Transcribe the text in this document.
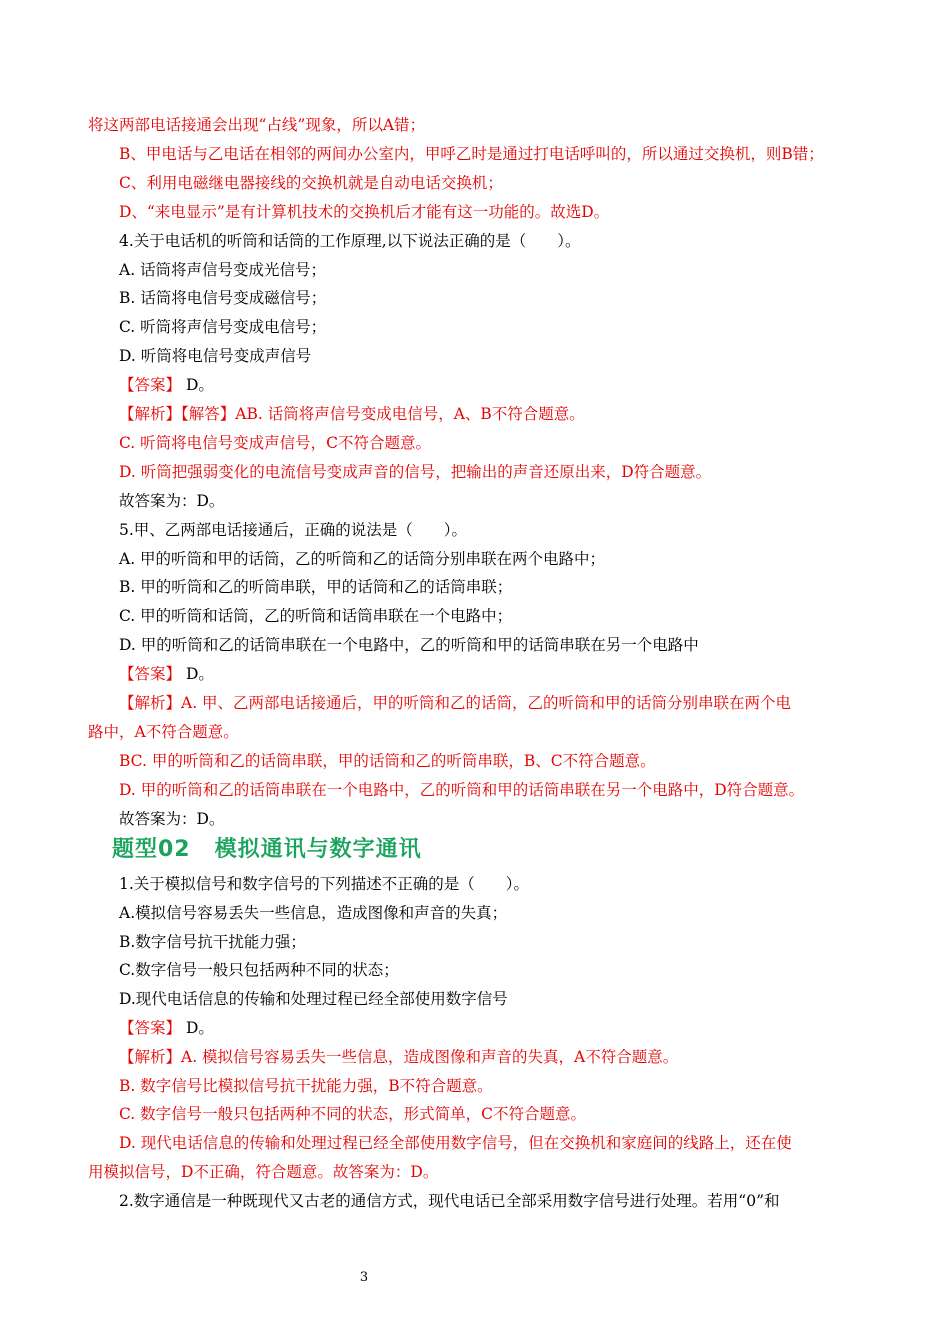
将这两部电话接通会出现“占线”现象，所以A错；
B、甲电话与乙电话在相邻的两间办公室内，甲呼乙时是通过打电话呼叫的，所以通过交换机，则B错；
C、利用电磁继电器接线的交换机就是自动电话交换机；
D、“来电显示”是有计算机技术的交换机后才能有这一功能的。故选D。
4.关于电话机的听筒和话筒的工作原理,以下说法正确的是（　　）。
A. 话筒将声信号变成光信号；
B. 话筒将电信号变成磁信号；
C. 听筒将声信号变成电信号；
D. 听筒将电信号变成声信号
【答案】 D。
【解析】【解答】AB. 话筒将声信号变成电信号，A、B不符合题意。
C. 听筒将电信号变成声信号，C不符合题意。
D. 听筒把强弱变化的电流信号变成声音的信号，把输出的声音还原出来，D符合题意。
故答案为：D。
5.甲、乙两部电话接通后，正确的说法是（　　）。
A. 甲的听筒和甲的话筒，乙的听筒和乙的话筒分别串联在两个电路中；
B. 甲的听筒和乙的听筒串联，甲的话筒和乙的话筒串联；
C. 甲的听筒和话筒，乙的听筒和话筒串联在一个电路中；
D. 甲的听筒和乙的话筒串联在一个电路中，乙的听筒和甲的话筒串联在另一个电路中
【答案】 D。
【解析】A. 甲、乙两部电话接通后，甲的听筒和乙的话筒，乙的听筒和甲的话筒分别串联在两个电
路中，A不符合题意。
BC. 甲的听筒和乙的话筒串联，甲的话筒和乙的听筒串联，B、C不符合题意。
D. 甲的听筒和乙的话筒串联在一个电路中，乙的听筒和甲的话筒串联在另一个电路中，D符合题意。
故答案为：D。
题型02 模拟通讯与数字通讯
1.关于模拟信号和数字信号的下列描述不正确的是（　　）。
A.模拟信号容易丢失一些信息，造成图像和声音的失真；
B.数字信号抗干扰能力强；
C.数字信号一般只包括两种不同的状态；
D.现代电话信息的传输和处理过程已经全部使用数字信号
【答案】 D。
【解析】A. 模拟信号容易丢失一些信息，造成图像和声音的失真，A不符合题意。
B. 数字信号比模拟信号抗干扰能力强，B不符合题意。
C. 数字信号一般只包括两种不同的状态，形式简单，C不符合题意。
D. 现代电话信息的传输和处理过程已经全部使用数字信号，但在交换机和家庭间的线路上，还在使
用模拟信号，D不正确，符合题意。故答案为：D。
2.数字通信是一种既现代又古老的通信方式，现代电话已全部采用数字信号进行处理。若用“0”和
3
